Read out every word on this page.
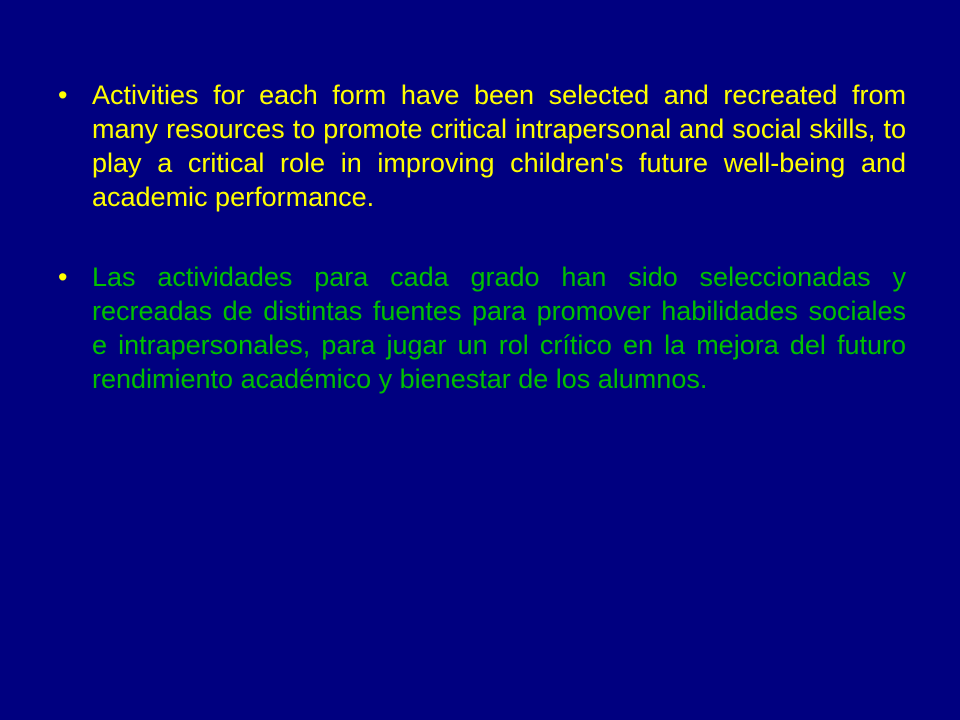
• Activities for each form have been selected and recreated from many resources to promote critical intrapersonal and social skills, to play a critical role in improving children's future well-being and academic performance.

• Las actividades para cada grado han sido seleccionadas y recreadas de distintas fuentes para promover habilidades sociales e intrapersonales, para jugar un rol crítico en la mejora del futuro rendimiento académico y bienestar de los alumnos.
